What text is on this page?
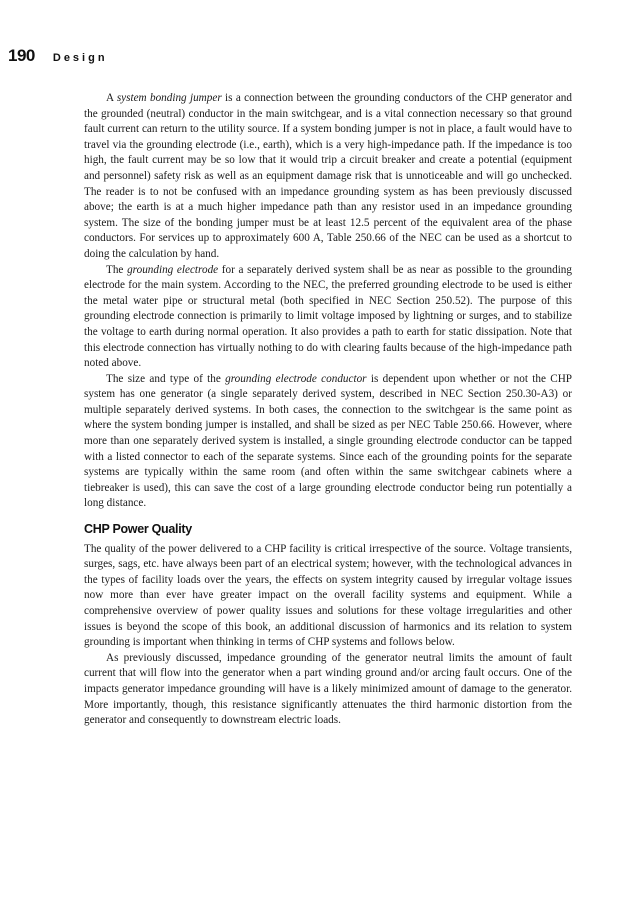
190 Design

A system bonding jumper is a connection between the grounding conductors of the CHP generator and the grounded (neutral) conductor in the main switchgear, and is a vital connection necessary so that ground fault current can return to the utility source. If a system bonding jumper is not in place, a fault would have to travel via the grounding electrode (i.e., earth), which is a very high-impedance path. If the impedance is too high, the fault current may be so low that it would trip a circuit breaker and create a potential (equipment and personnel) safety risk as well as an equipment damage risk that is unnoticeable and will go unchecked. The reader is to not be confused with an impedance grounding system as has been previously discussed above; the earth is at a much higher impedance path than any resistor used in an impedance grounding system. The size of the bonding jumper must be at least 12.5 percent of the equivalent area of the phase conductors. For services up to approximately 600 A, Table 250.66 of the NEC can be used as a shortcut to doing the calculation by hand.

The grounding electrode for a separately derived system shall be as near as possible to the grounding electrode for the main system. According to the NEC, the preferred grounding electrode to be used is either the metal water pipe or structural metal (both specified in NEC Section 250.52). The purpose of this grounding electrode connection is primarily to limit voltage imposed by lightning or surges, and to stabilize the voltage to earth during normal operation. It also provides a path to earth for static dissipation. Note that this electrode connection has virtually nothing to do with clearing faults because of the high-impedance path noted above.

The size and type of the grounding electrode conductor is dependent upon whether or not the CHP system has one generator (a single separately derived system, described in NEC Section 250.30-A3) or multiple separately derived systems. In both cases, the connection to the switchgear is the same point as where the system bonding jumper is installed, and shall be sized as per NEC Table 250.66. However, where more than one separately derived system is installed, a single grounding electrode conductor can be tapped with a listed connector to each of the separate systems. Since each of the grounding points for the separate systems are typically within the same room (and often within the same switchgear cabinets where a tiebreaker is used), this can save the cost of a large grounding electrode conductor being run potentially a long distance.

CHP Power Quality

The quality of the power delivered to a CHP facility is critical irrespective of the source. Voltage transients, surges, sags, etc. have always been part of an electrical system; however, with the technological advances in the types of facility loads over the years, the effects on system integrity caused by irregular voltage issues now more than ever have greater impact on the overall facility systems and equipment. While a comprehensive overview of power quality issues and solutions for these voltage irregularities and other issues is beyond the scope of this book, an additional discussion of harmonics and its relation to system grounding is important when thinking in terms of CHP systems and follows below.

As previously discussed, impedance grounding of the generator neutral limits the amount of fault current that will flow into the generator when a part winding ground and/or arcing fault occurs. One of the impacts generator impedance grounding will have is a likely minimized amount of damage to the generator. More importantly, though, this resistance significantly attenuates the third harmonic distortion from the generator and consequently to downstream electric loads.
